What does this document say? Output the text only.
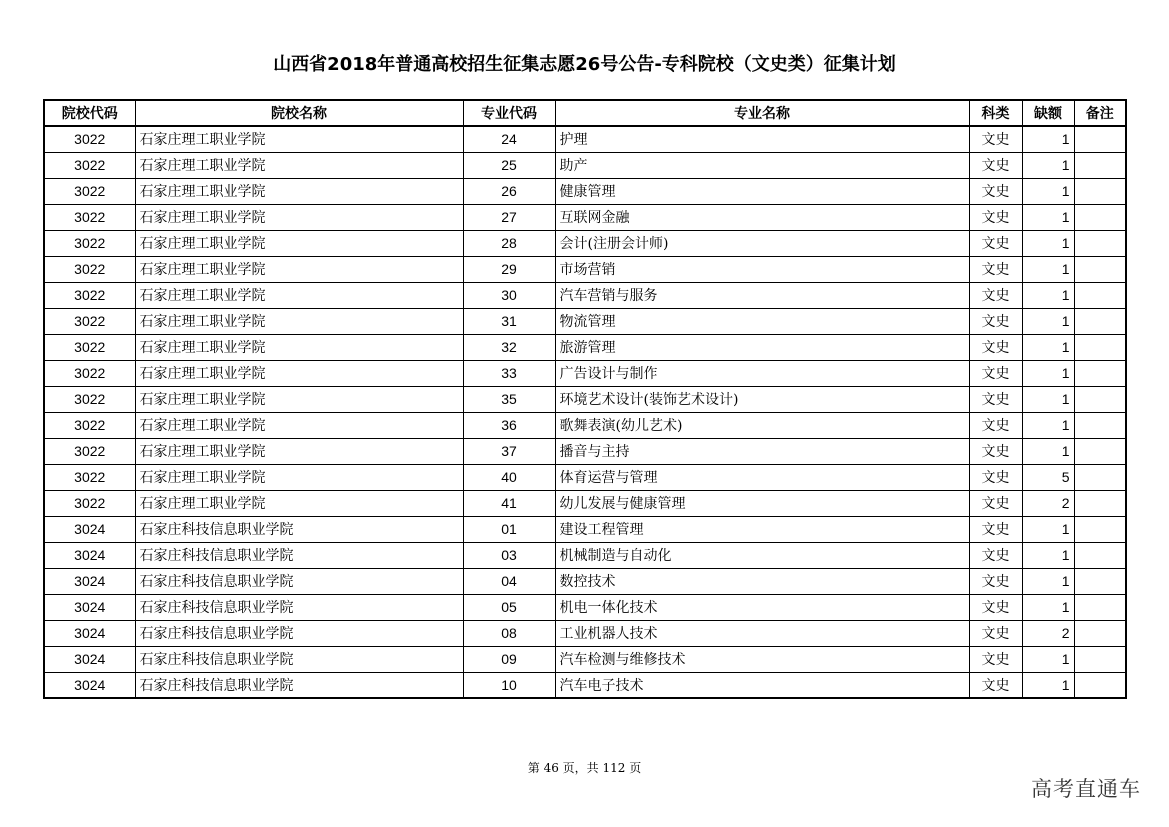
山西省2018年普通高校招生征集志愿26号公告-专科院校（文史类）征集计划
院校代码	院校名称	专业代码	专业名称	科类	缺额	备注
3022	石家庄理工职业学院	24	护理	文史	1	
3022	石家庄理工职业学院	25	助产	文史	1	
3022	石家庄理工职业学院	26	健康管理	文史	1	
3022	石家庄理工职业学院	27	互联网金融	文史	1	
3022	石家庄理工职业学院	28	会计(注册会计师)	文史	1	
3022	石家庄理工职业学院	29	市场营销	文史	1	
3022	石家庄理工职业学院	30	汽车营销与服务	文史	1	
3022	石家庄理工职业学院	31	物流管理	文史	1	
3022	石家庄理工职业学院	32	旅游管理	文史	1	
3022	石家庄理工职业学院	33	广告设计与制作	文史	1	
3022	石家庄理工职业学院	35	环境艺术设计(装饰艺术设计)	文史	1	
3022	石家庄理工职业学院	36	歌舞表演(幼儿艺术)	文史	1	
3022	石家庄理工职业学院	37	播音与主持	文史	1	
3022	石家庄理工职业学院	40	体育运营与管理	文史	5	
3022	石家庄理工职业学院	41	幼儿发展与健康管理	文史	2	
3024	石家庄科技信息职业学院	01	建设工程管理	文史	1	
3024	石家庄科技信息职业学院	03	机械制造与自动化	文史	1	
3024	石家庄科技信息职业学院	04	数控技术	文史	1	
3024	石家庄科技信息职业学院	05	机电一体化技术	文史	1	
3024	石家庄科技信息职业学院	08	工业机器人技术	文史	2	
3024	石家庄科技信息职业学院	09	汽车检测与维修技术	文史	1	
3024	石家庄科技信息职业学院	10	汽车电子技术	文史	1	
第 46 页，共 112 页
高考直通车
